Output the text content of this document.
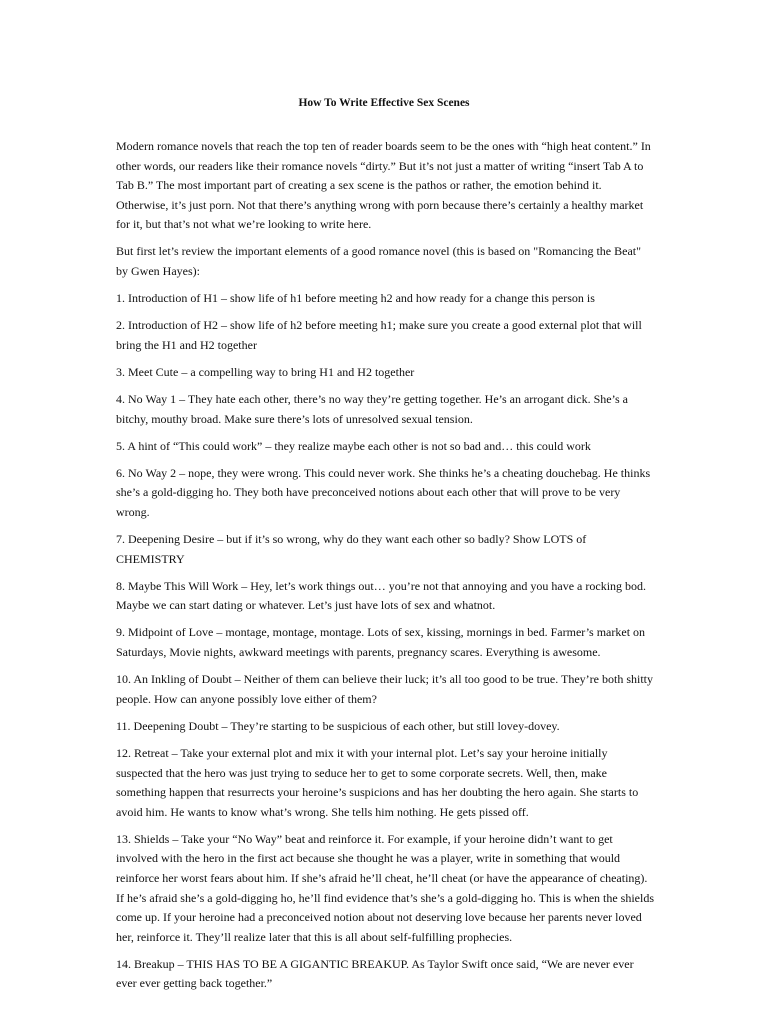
How To Write Effective Sex Scenes

Modern romance novels that reach the top ten of reader boards seem to be the ones with “high heat content.” In other words, our readers like their romance novels “dirty.” But it’s not just a matter of writing “insert Tab A to Tab B.” The most important part of creating a sex scene is the pathos or rather, the emotion behind it. Otherwise, it’s just porn. Not that there’s anything wrong with porn because there’s certainly a healthy market for it, but that’s not what we’re looking to write here.

But first let’s review the important elements of a good romance novel (this is based on "Romancing the Beat" by Gwen Hayes):

1. Introduction of H1 – show life of h1 before meeting h2 and how ready for a change this person is

2. Introduction of H2 – show life of h2 before meeting h1; make sure you create a good external plot that will bring the H1 and H2 together

3. Meet Cute – a compelling way to bring H1 and H2 together

4. No Way 1 – They hate each other, there’s no way they’re getting together. He’s an arrogant dick. She’s a bitchy, mouthy broad. Make sure there’s lots of unresolved sexual tension.

5. A hint of “This could work” – they realize maybe each other is not so bad and… this could work

6. No Way 2 – nope, they were wrong. This could never work. She thinks he’s a cheating douchebag. He thinks she’s a gold-digging ho. They both have preconceived notions about each other that will prove to be very wrong.

7. Deepening Desire – but if it’s so wrong, why do they want each other so badly? Show LOTS of CHEMISTRY

8. Maybe This Will Work – Hey, let’s work things out… you’re not that annoying and you have a rocking bod. Maybe we can start dating or whatever. Let’s just have lots of sex and whatnot.

9. Midpoint of Love – montage, montage, montage. Lots of sex, kissing, mornings in bed. Farmer’s market on Saturdays, Movie nights, awkward meetings with parents, pregnancy scares. Everything is awesome.

10. An Inkling of Doubt – Neither of them can believe their luck; it’s all too good to be true. They’re both shitty people. How can anyone possibly love either of them?

11. Deepening Doubt – They’re starting to be suspicious of each other, but still lovey-dovey.

12. Retreat – Take your external plot and mix it with your internal plot. Let’s say your heroine initially suspected that the hero was just trying to seduce her to get to some corporate secrets. Well, then, make something happen that resurrects your heroine’s suspicions and has her doubting the hero again. She starts to avoid him. He wants to know what’s wrong. She tells him nothing. He gets pissed off.

13. Shields – Take your “No Way” beat and reinforce it. For example, if your heroine didn’t want to get involved with the hero in the first act because she thought he was a player, write in something that would reinforce her worst fears about him. If she’s afraid he’ll cheat, he’ll cheat (or have the appearance of cheating). If he’s afraid she’s a gold-digging ho, he’ll find evidence that’s she’s a gold-digging ho. This is when the shields come up. If your heroine had a preconceived notion about not deserving love because her parents never loved her, reinforce it. They’ll realize later that this is all about self-fulfilling prophecies.

14. Breakup – THIS HAS TO BE A GIGANTIC BREAKUP. As Taylor Swift once said, “We are never ever ever ever getting back together.”
